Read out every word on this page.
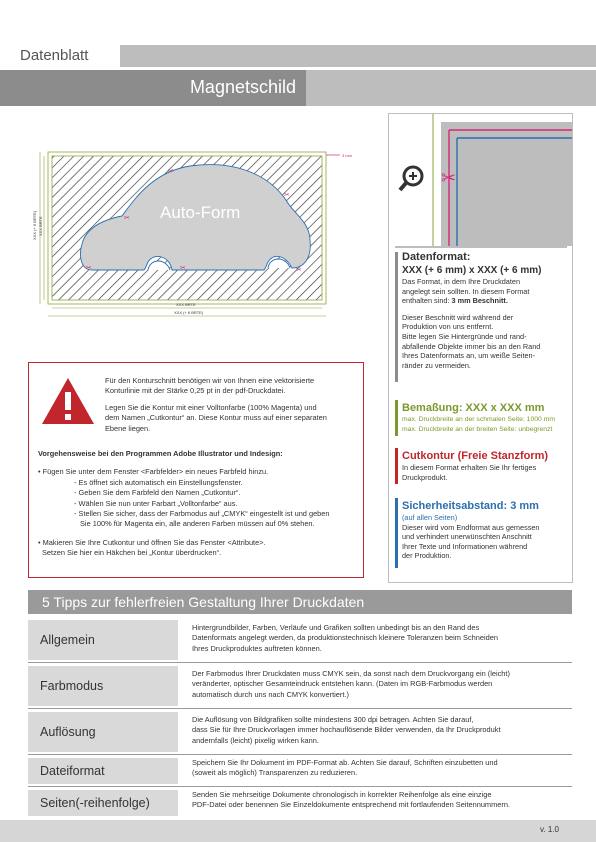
Datenblatt
Magnetschild
✂
✂
✂
✂	✂	✂
Auto-Form
3 mm
XXX BRTE
XXX (+ 6 BRTE)
XXX (+ 6 BRTE) XXX BRTE
✂
Datenformat:
XXX (+ 6 mm) x XXX (+ 6 mm)
Das Format, in dem Ihre Druckdaten
angelegt sein sollten. In diesem Format
enthalten sind: 3 mm Beschnitt.
Dieser Beschnitt wird während der
Produktion von uns entfernt.
Bitte legen Sie Hintergründe und rand-
abfallende Objekte immer bis an den Rand
Ihres Datenformats an, um weiße Seiten-
ränder zu vermeiden.
Bemaßung: XXX x XXX mm
max. Druckbreite an der schmalen Seite: 1000 mm
max. Druckbreite an der breiten Seite: unbegrenzt
Cutkontur (Freie Stanzform)
In diesem Format erhalten Sie Ihr fertiges
Druckprodukt.
Sicherheitsabstand: 3 mm
(auf allen Seiten)
Dieser wird vom Endformat aus gemessen
und verhindert unerwünschten Anschnitt
Ihrer Texte und Informationen während
der Produktion.
Für den Konturschnitt benötigen wir von Ihnen eine vektorisierte
Konturlinie mit der Stärke 0,25 pt in der pdf-Druckdatei.
Legen Sie die Kontur mit einer Volltonfarbe (100% Magenta) und
dem Namen „Cutkontur“ an. Diese Kontur muss auf einer separaten
Ebene liegen.
Vorgehensweise bei den Programmen Adobe Illustrator und Indesign:
• Fügen Sie unter dem Fenster <Farbfelder> ein neues Farbfeld hinzu.
- Es öffnet sich automatisch ein Einstellungsfenster.
- Geben Sie dem Farbfeld den Namen „Cutkontur“.
- Wählen Sie nun unter Farbart „Volltonfarbe“ aus.
- Stellen Sie sicher, dass der Farbmodus auf „CMYK“ eingestellt ist und geben
Sie 100% für Magenta ein, alle anderen Farben müssen auf 0% stehen.
• Makieren Sie Ihre Cutkontur und öffnen Sie das Fenster <Attribute>.
Setzen Sie hier ein Häkchen bei „Kontur überdrucken“.
5 Tipps zur fehlerfreien Gestaltung Ihrer Druckdaten
Allgemein
Hintergrundbilder, Farben, Verläufe und Grafiken sollten unbedingt bis an den Rand des
Datenformats angelegt werden, da produktionstechnisch kleinere Toleranzen beim Schneiden
Ihres Druckproduktes auftreten können.
Farbmodus
Der Farbmodus Ihrer Druckdaten muss CMYK sein, da sonst nach dem Druckvorgang ein (leicht)
veränderter, optischer Gesamteindruck entstehen kann. (Daten im RGB-Farbmodus werden
automatisch durch uns nach CMYK konvertiert.)
Auflösung
Die Auflösung von Bildgrafiken sollte mindestens 300 dpi betragen. Achten Sie darauf,
dass Sie für Ihre Druckvorlagen immer hochauflösende Bilder verwenden, da Ihr Druckprodukt
andernfalls (leicht) pixelig wirken kann.
Dateiformat
Speichern Sie Ihr Dokument im PDF-Format ab. Achten Sie darauf, Schriften einzubetten und
(soweit als möglich) Transparenzen zu reduzieren.
Seiten(-reihenfolge)
Senden Sie mehrseitige Dokumente chronologisch in korrekter Reihenfolge als eine einzige
PDF-Datei oder benennen Sie Einzeldokumente entsprechend mit fortlaufenden Seitennummern.
v. 1.0
